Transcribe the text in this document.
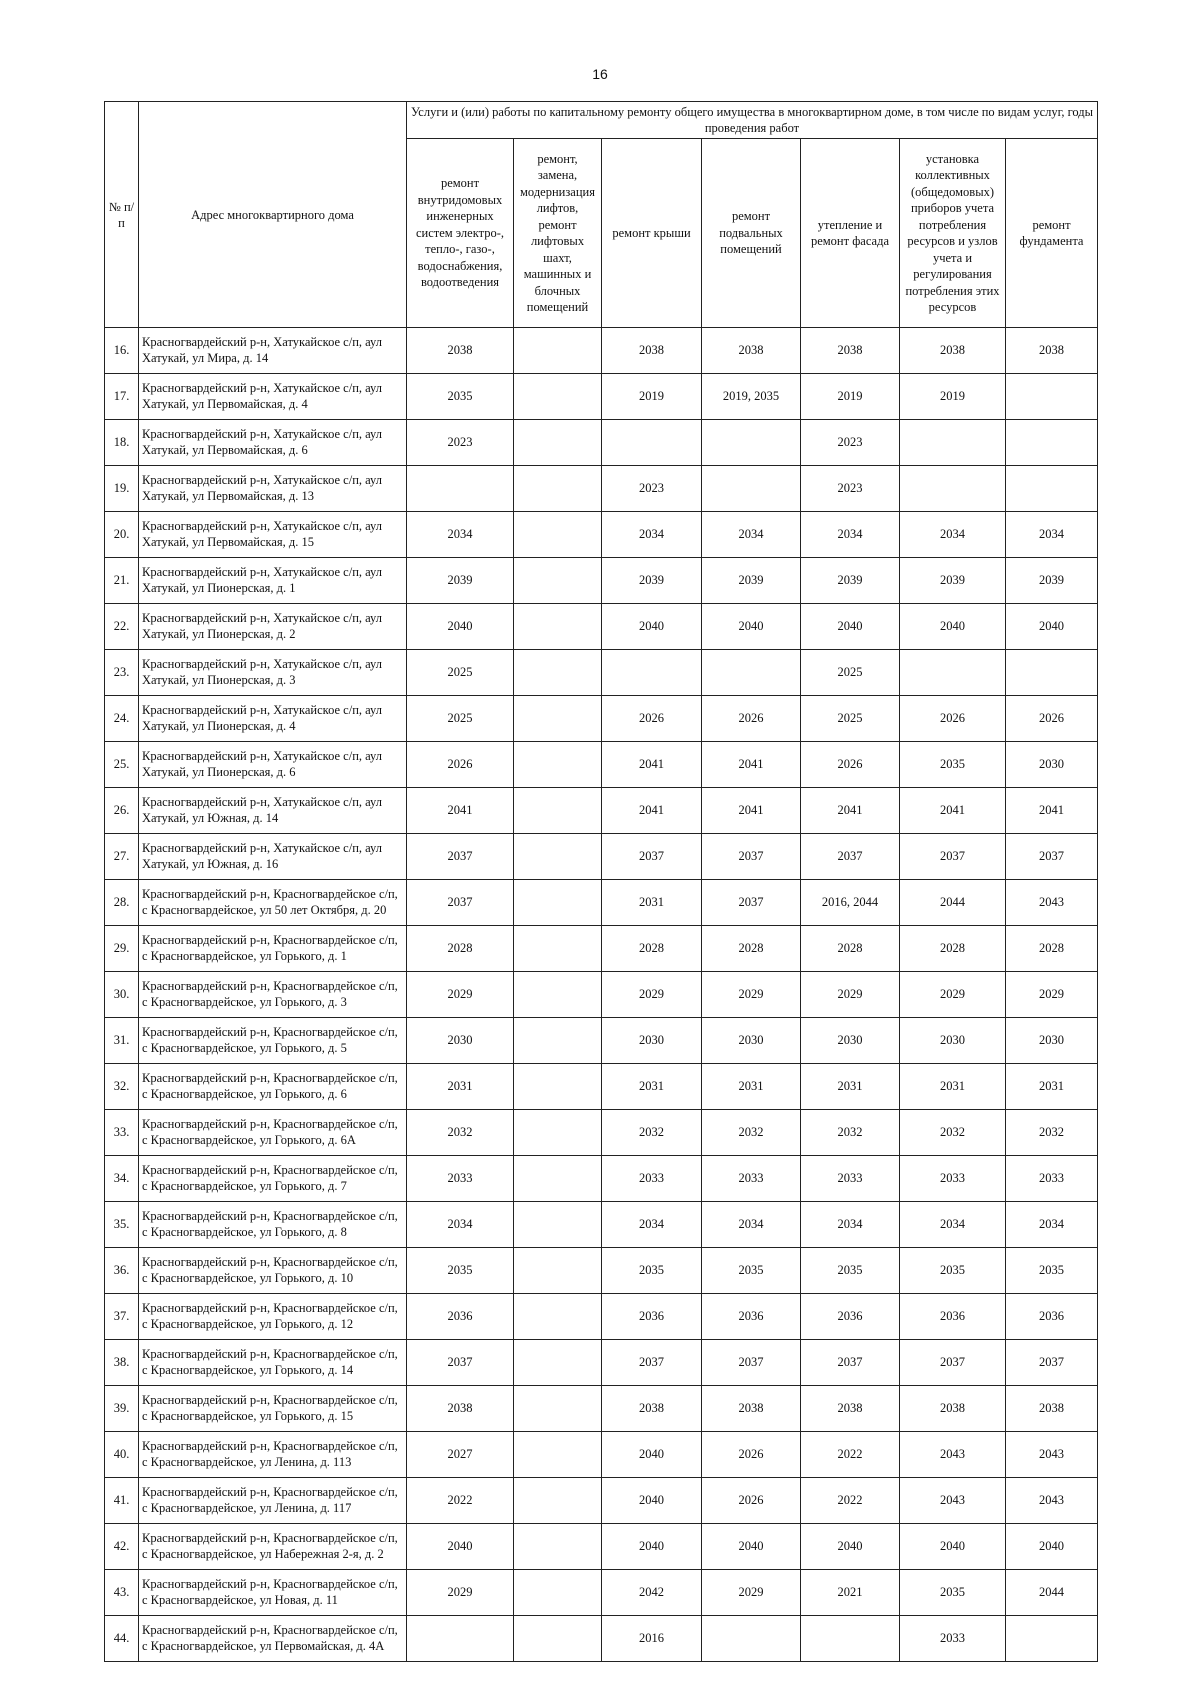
16
№ п/п	Адрес многоквартирного дома	Услуги и (или) работы по капитальному ремонту общего имущества в многоквартирном доме, в том числе по видам услуг, годы проведения работ						
		ремонт внутридомовых инженерных систем электро-, тепло-, газо-, водоснабжения, водоотведения	ремонт, замена, модернизация лифтов, ремонт лифтовых шахт, машинных и блочных помещений	ремонт крыши	ремонт подвальных помещений	утепление и ремонт фасада	установка коллективных (общедомовых) приборов учета потребления ресурсов и узлов учета и регулирования потребления этих ресурсов	ремонт фундамента
16.	Красногвардейский р-н, Хатукайское с/п, аул Хатукай, ул Мира, д. 14	2038		2038	2038	2038	2038	2038
17.	Красногвардейский р-н, Хатукайское с/п, аул Хатукай, ул Первомайская, д. 4	2035		2019	2019, 2035	2019	2019	
18.	Красногвардейский р-н, Хатукайское с/п, аул Хатукай, ул Первомайская, д. 6	2023				2023		
19.	Красногвардейский р-н, Хатукайское с/п, аул Хатукай, ул Первомайская, д. 13			2023		2023		
20.	Красногвардейский р-н, Хатукайское с/п, аул Хатукай, ул Первомайская, д. 15	2034		2034	2034	2034	2034	2034
21.	Красногвардейский р-н, Хатукайское с/п, аул Хатукай, ул Пионерская, д. 1	2039		2039	2039	2039	2039	2039
22.	Красногвардейский р-н, Хатукайское с/п, аул Хатукай, ул Пионерская, д. 2	2040		2040	2040	2040	2040	2040
23.	Красногвардейский р-н, Хатукайское с/п, аул Хатукай, ул Пионерская, д. 3	2025				2025		
24.	Красногвардейский р-н, Хатукайское с/п, аул Хатукай, ул Пионерская, д. 4	2025		2026	2026	2025	2026	2026
25.	Красногвардейский р-н, Хатукайское с/п, аул Хатукай, ул Пионерская, д. 6	2026		2041	2041	2026	2035	2030
26.	Красногвардейский р-н, Хатукайское с/п, аул Хатукай, ул Южная, д. 14	2041		2041	2041	2041	2041	2041
27.	Красногвардейский р-н, Хатукайское с/п, аул Хатукай, ул Южная, д. 16	2037		2037	2037	2037	2037	2037
28.	Красногвардейский р-н, Красногвардейское с/п, с Красногвардейское, ул 50 лет Октября, д. 20	2037		2031	2037	2016, 2044	2044	2043
29.	Красногвардейский р-н, Красногвардейское с/п, с Красногвардейское, ул Горького, д. 1	2028		2028	2028	2028	2028	2028
30.	Красногвардейский р-н, Красногвардейское с/п, с Красногвардейское, ул Горького, д. 3	2029		2029	2029	2029	2029	2029
31.	Красногвардейский р-н, Красногвардейское с/п, с Красногвардейское, ул Горького, д. 5	2030		2030	2030	2030	2030	2030
32.	Красногвардейский р-н, Красногвардейское с/п, с Красногвардейское, ул Горького, д. 6	2031		2031	2031	2031	2031	2031
33.	Красногвардейский р-н, Красногвардейское с/п, с Красногвардейское, ул Горького, д. 6А	2032		2032	2032	2032	2032	2032
34.	Красногвардейский р-н, Красногвардейское с/п, с Красногвардейское, ул Горького, д. 7	2033		2033	2033	2033	2033	2033
35.	Красногвардейский р-н, Красногвардейское с/п, с Красногвардейское, ул Горького, д. 8	2034		2034	2034	2034	2034	2034
36.	Красногвардейский р-н, Красногвардейское с/п, с Красногвардейское, ул Горького, д. 10	2035		2035	2035	2035	2035	2035
37.	Красногвардейский р-н, Красногвардейское с/п, с Красногвардейское, ул Горького, д. 12	2036		2036	2036	2036	2036	2036
38.	Красногвардейский р-н, Красногвардейское с/п, с Красногвардейское, ул Горького, д. 14	2037		2037	2037	2037	2037	2037
39.	Красногвардейский р-н, Красногвардейское с/п, с Красногвардейское, ул Горького, д. 15	2038		2038	2038	2038	2038	2038
40.	Красногвардейский р-н, Красногвардейское с/п, с Красногвардейское, ул Ленина, д. 113	2027		2040	2026	2022	2043	2043
41.	Красногвардейский р-н, Красногвардейское с/п, с Красногвардейское, ул Ленина, д. 117	2022		2040	2026	2022	2043	2043
42.	Красногвардейский р-н, Красногвардейское с/п, с Красногвардейское, ул Набережная 2-я, д. 2	2040		2040	2040	2040	2040	2040
43.	Красногвардейский р-н, Красногвардейское с/п, с Красногвардейское, ул Новая, д. 11	2029		2042	2029	2021	2035	2044
44.	Красногвардейский р-н, Красногвардейское с/п, с Красногвардейское, ул Первомайская, д. 4А			2016			2033	
